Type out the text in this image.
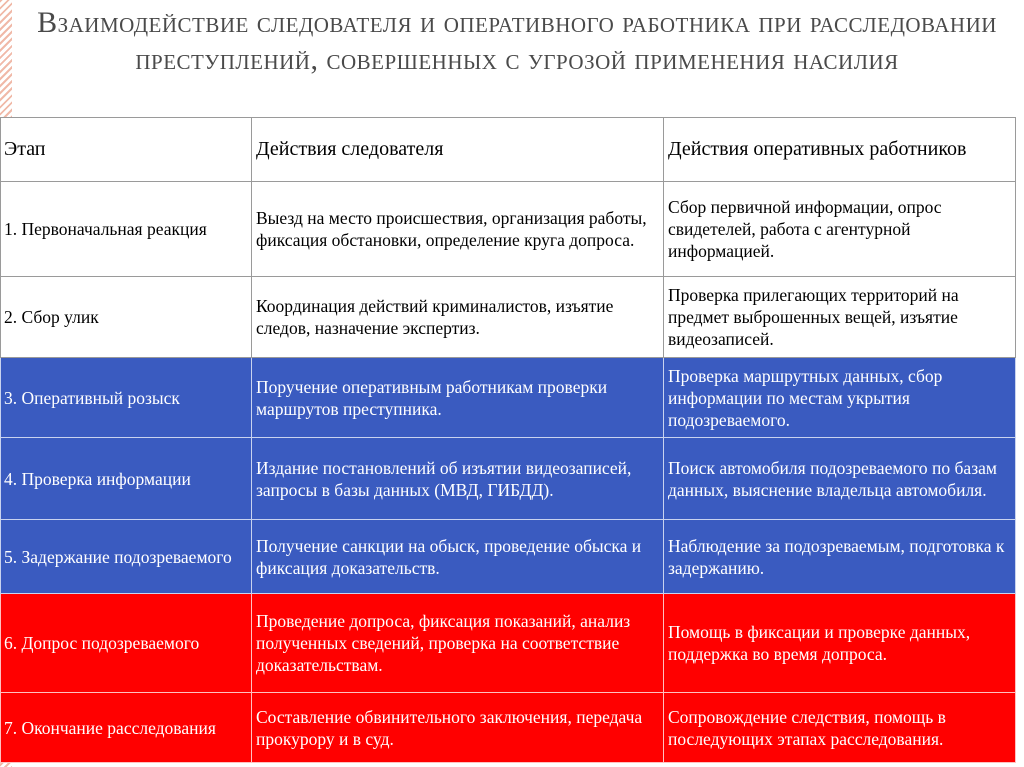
Взаимодействие следователя и оперативного работника при расследовании преступлений, совершенных с угрозой применения насилия
Этап	Действия следователя	Действия оперативных работников
1. Первоначальная реакция	Выезд на место происшествия, организация работы, фиксация обстановки, определение круга допроса.	Сбор первичной информации, опрос свидетелей, работа с агентурной информацией.
2. Сбор улик	Координация действий криминалистов, изъятие следов, назначение экспертиз.	Проверка прилегающих территорий на предмет выброшенных вещей, изъятие видеозаписей.
3. Оперативный розыск	Поручение оперативным работникам проверки маршрутов преступника.	Проверка маршрутных данных, сбор информации по местам укрытия подозреваемого.
4. Проверка информации	Издание постановлений об изъятии видеозаписей, запросы в базы данных (МВД, ГИБДД).	Поиск автомобиля подозреваемого по базам данных, выяснение владельца автомобиля.
5. Задержание подозреваемого	Получение санкции на обыск, проведение обыска и фиксация доказательств.	Наблюдение за подозреваемым, подготовка к задержанию.
6. Допрос подозреваемого	Проведение допроса, фиксация показаний, анализ полученных сведений, проверка на соответствие доказательствам.	Помощь в фиксации и проверке данных, поддержка во время допроса.
7. Окончание расследования	Составление обвинительного заключения, передача прокурору и в суд.	Сопровождение следствия, помощь в последующих этапах расследования.
